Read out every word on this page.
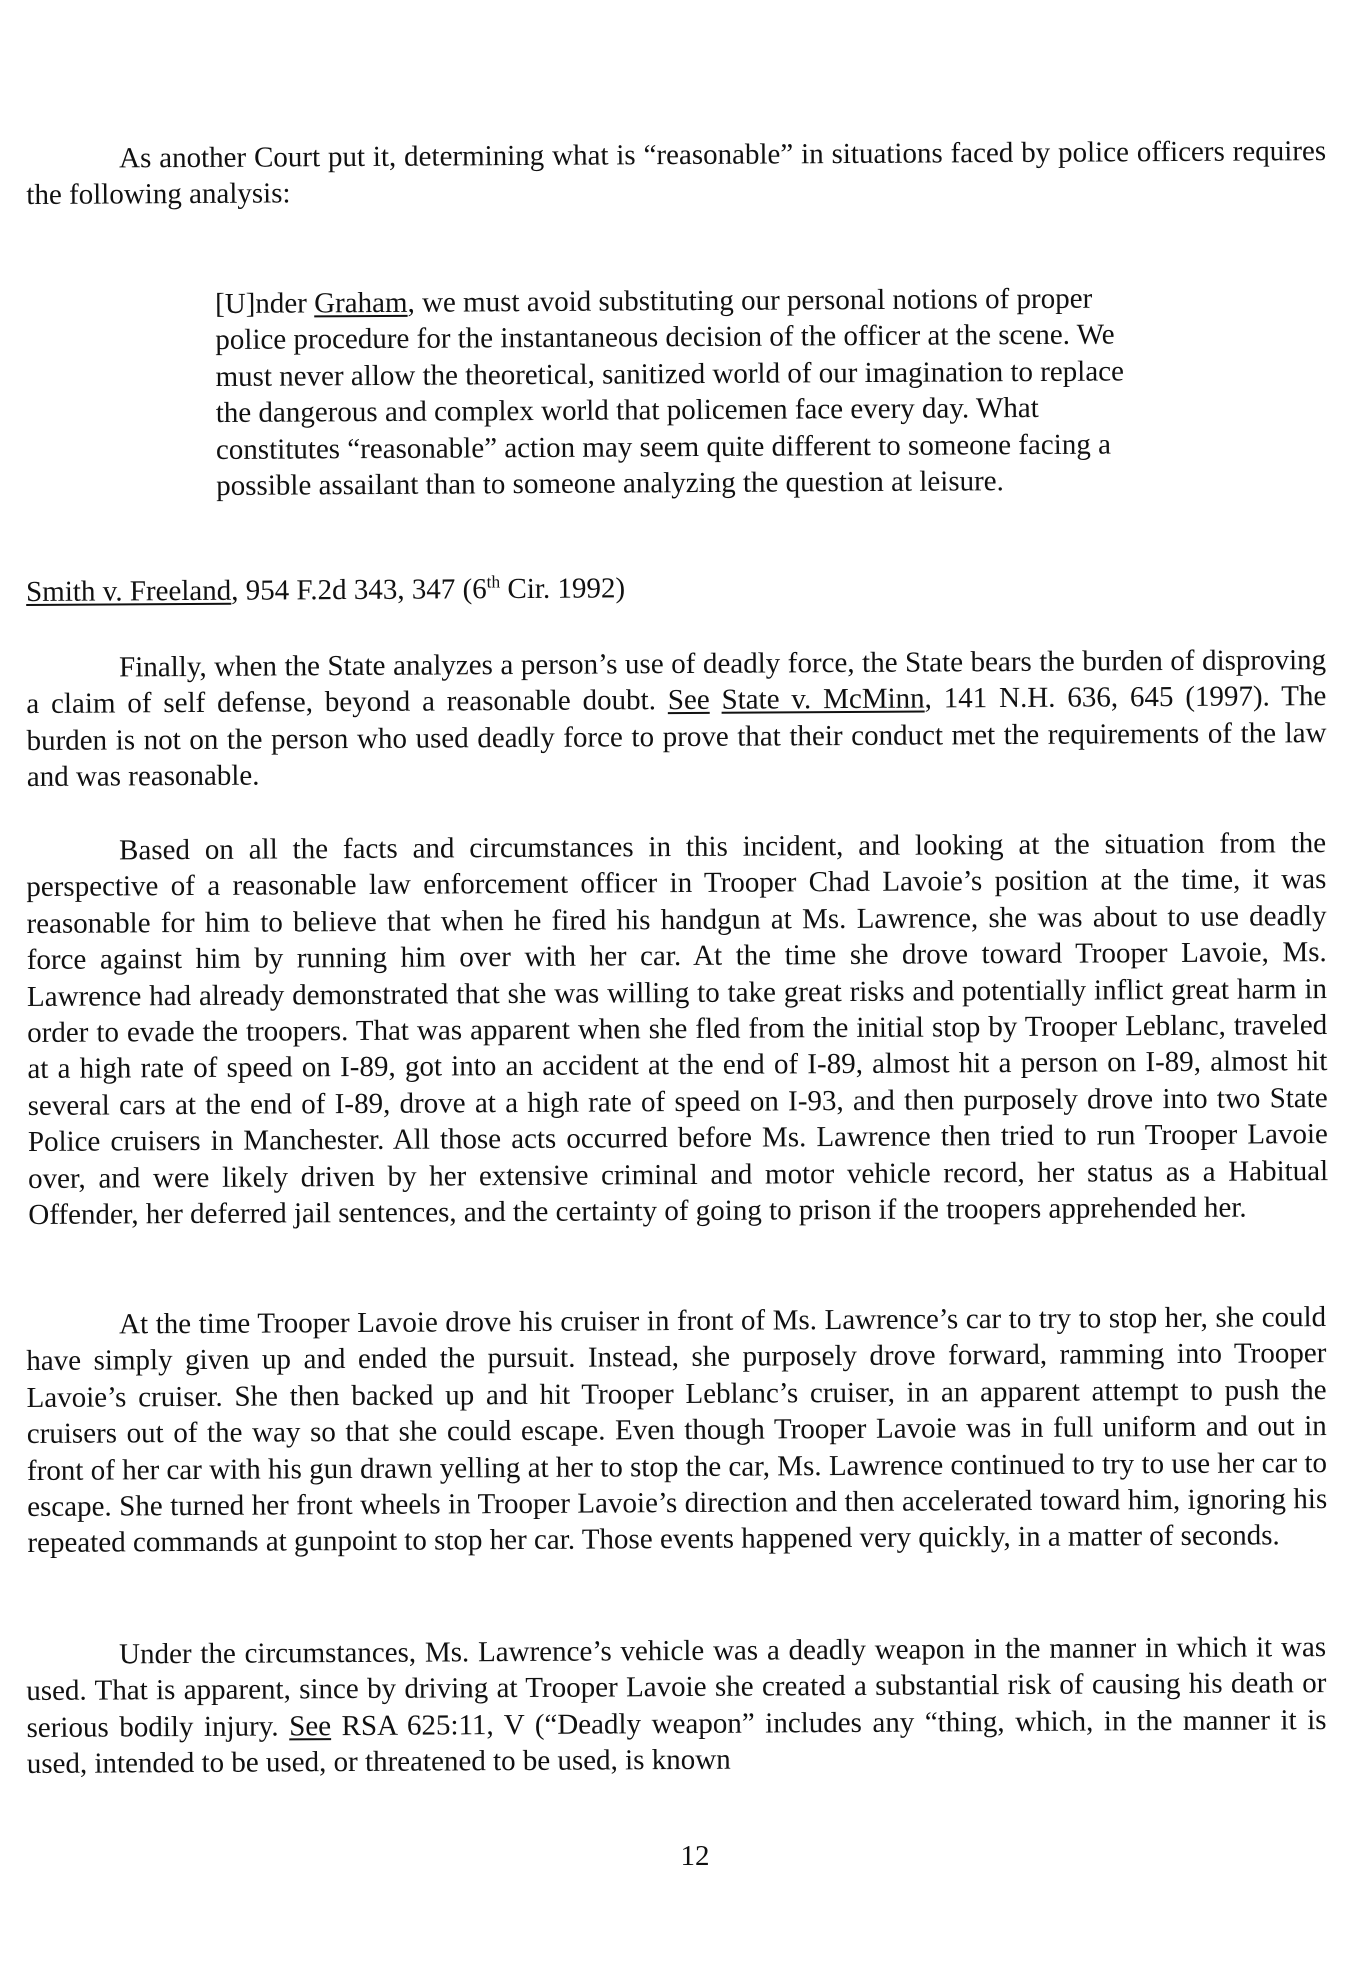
As another Court put it, determining what is “reasonable” in situations faced by police officers requires the following analysis:

[U]nder Graham, we must avoid substituting our personal notions of proper police procedure for the instantaneous decision of the officer at the scene. We must never allow the theoretical, sanitized world of our imagination to replace the dangerous and complex world that policemen face every day. What constitutes “reasonable” action may seem quite different to someone facing a possible assailant than to someone analyzing the question at leisure.

Smith v. Freeland, 954 F.2d 343, 347 (6th Cir. 1992)

Finally, when the State analyzes a person’s use of deadly force, the State bears the burden of disproving a claim of self defense, beyond a reasonable doubt. See State v. McMinn, 141 N.H. 636, 645 (1997). The burden is not on the person who used deadly force to prove that their conduct met the requirements of the law and was reasonable.

Based on all the facts and circumstances in this incident, and looking at the situation from the perspective of a reasonable law enforcement officer in Trooper Chad Lavoie’s position at the time, it was reasonable for him to believe that when he fired his handgun at Ms. Lawrence, she was about to use deadly force against him by running him over with her car. At the time she drove toward Trooper Lavoie, Ms. Lawrence had already demonstrated that she was willing to take great risks and potentially inflict great harm in order to evade the troopers. That was apparent when she fled from the initial stop by Trooper Leblanc, traveled at a high rate of speed on I-89, got into an accident at the end of I-89, almost hit a person on I-89, almost hit several cars at the end of I-89, drove at a high rate of speed on I-93, and then purposely drove into two State Police cruisers in Manchester. All those acts occurred before Ms. Lawrence then tried to run Trooper Lavoie over, and were likely driven by her extensive criminal and motor vehicle record, her status as a Habitual Offender, her deferred jail sentences, and the certainty of going to prison if the troopers apprehended her.

At the time Trooper Lavoie drove his cruiser in front of Ms. Lawrence’s car to try to stop her, she could have simply given up and ended the pursuit. Instead, she purposely drove forward, ramming into Trooper Lavoie’s cruiser. She then backed up and hit Trooper Leblanc’s cruiser, in an apparent attempt to push the cruisers out of the way so that she could escape. Even though Trooper Lavoie was in full uniform and out in front of her car with his gun drawn yelling at her to stop the car, Ms. Lawrence continued to try to use her car to escape. She turned her front wheels in Trooper Lavoie’s direction and then accelerated toward him, ignoring his repeated commands at gunpoint to stop her car. Those events happened very quickly, in a matter of seconds.

Under the circumstances, Ms. Lawrence’s vehicle was a deadly weapon in the manner in which it was used. That is apparent, since by driving at Trooper Lavoie she created a substantial risk of causing his death or serious bodily injury. See RSA 625:11, V (“Deadly weapon” includes any “thing, which, in the manner it is used, intended to be used, or threatened to be used, is known

12
